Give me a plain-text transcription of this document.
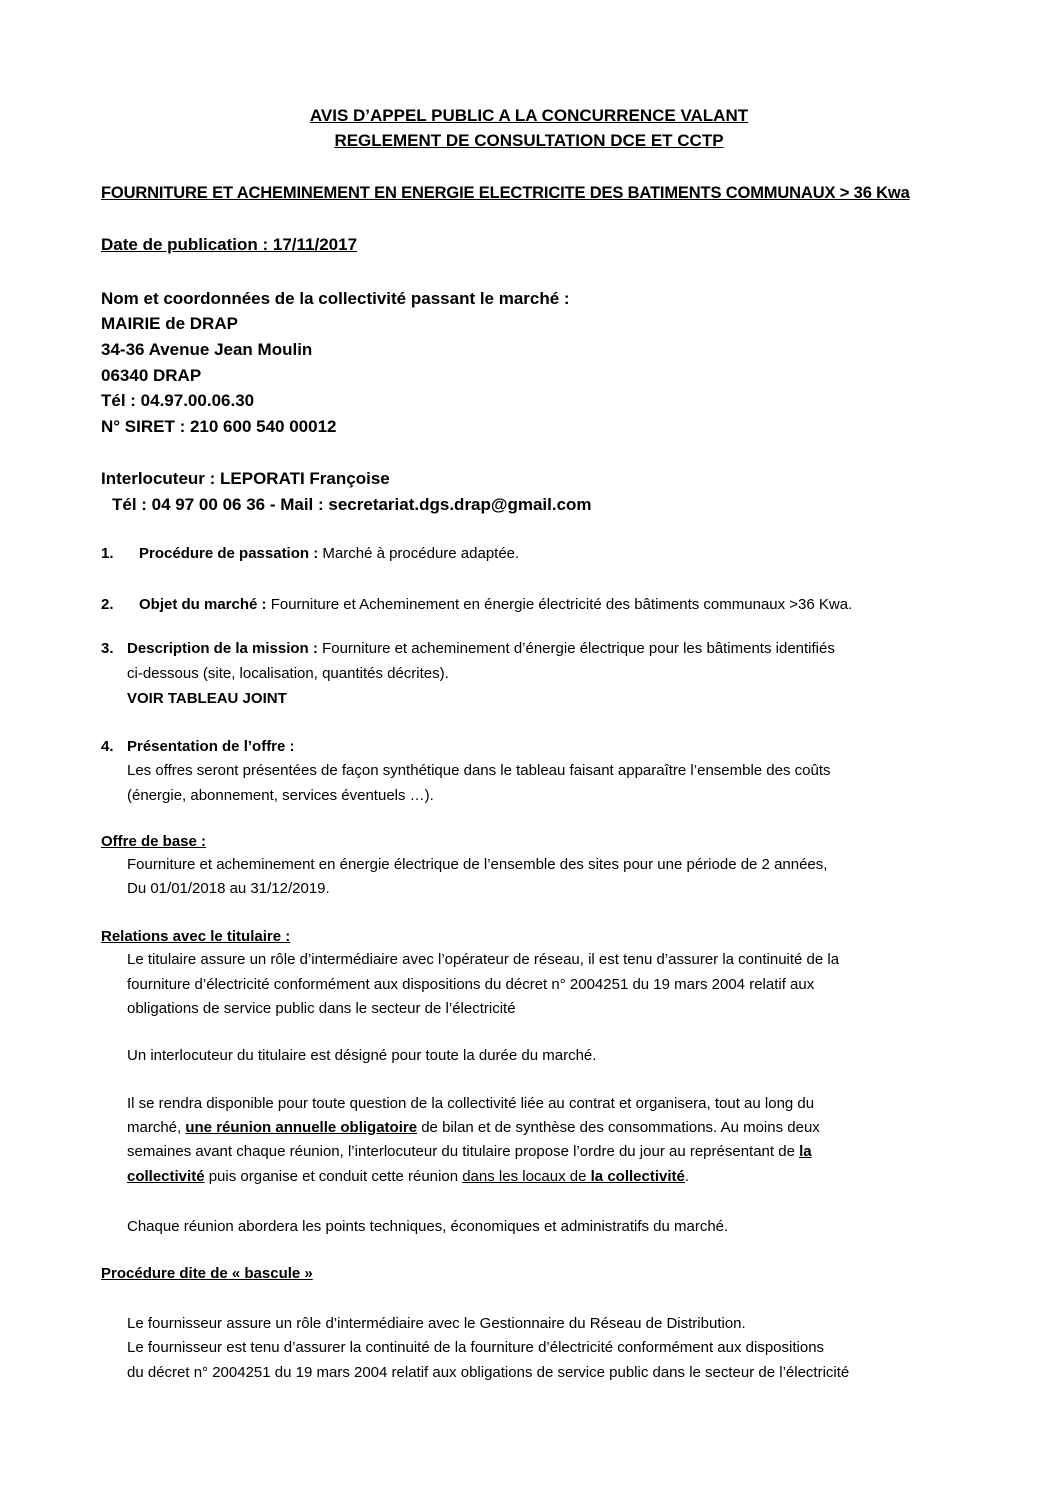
AVIS D’APPEL PUBLIC A LA CONCURRENCE VALANT
REGLEMENT DE CONSULTATION DCE ET CCTP
FOURNITURE ET ACHEMINEMENT EN ENERGIE ELECTRICITE DES BATIMENTS COMMUNAUX > 36 Kwa
Date de publication : 17/11/2017
Nom et coordonnées de la collectivité passant le marché :
MAIRIE de DRAP
34-36 Avenue Jean Moulin
06340 DRAP
Tél : 04.97.00.06.30
N° SIRET : 210 600 540 00012
Interlocuteur : LEPORATI Françoise
Tél : 04 97 00 06 36 - Mail : secretariat.dgs.drap@gmail.com
1. Procédure de passation : Marché à procédure adaptée.
2. Objet du marché : Fourniture et Acheminement en énergie électricité des bâtiments communaux >36 Kwa.
3. Description de la mission : Fourniture et acheminement d’énergie électrique pour les bâtiments identifiés
ci-dessous (site, localisation, quantités décrites).
VOIR TABLEAU JOINT
4. Présentation de l’offre :
Les offres seront présentées de façon synthétique dans le tableau faisant apparaître l’ensemble des coûts
(énergie, abonnement, services éventuels …).
Offre de base :
Fourniture et acheminement en énergie électrique de l’ensemble des sites pour une période de 2 années,
Du 01/01/2018 au 31/12/2019.
Relations avec le titulaire :
Le titulaire assure un rôle d’intermédiaire avec l’opérateur de réseau, il est tenu d’assurer la continuité de la
fourniture d’électricité conformément aux dispositions du décret n° 2004251 du 19 mars 2004 relatif aux
obligations de service public dans le secteur de l’électricité
Un interlocuteur du titulaire est désigné pour toute la durée du marché.
Il se rendra disponible pour toute question de la collectivité liée au contrat et organisera, tout au long du
marché, une réunion annuelle obligatoire de bilan et de synthèse des consommations. Au moins deux
semaines avant chaque réunion, l’interlocuteur du titulaire propose l’ordre du jour au représentant de la
collectivité puis organise et conduit cette réunion dans les locaux de la collectivité.
Chaque réunion abordera les points techniques, économiques et administratifs du marché.
Procédure dite de « bascule »
Le fournisseur assure un rôle d’intermédiaire avec le Gestionnaire du Réseau de Distribution.
Le fournisseur est tenu d’assurer la continuité de la fourniture d’électricité conformément aux dispositions
du décret n° 2004251 du 19 mars 2004 relatif aux obligations de service public dans le secteur de l’électricité
